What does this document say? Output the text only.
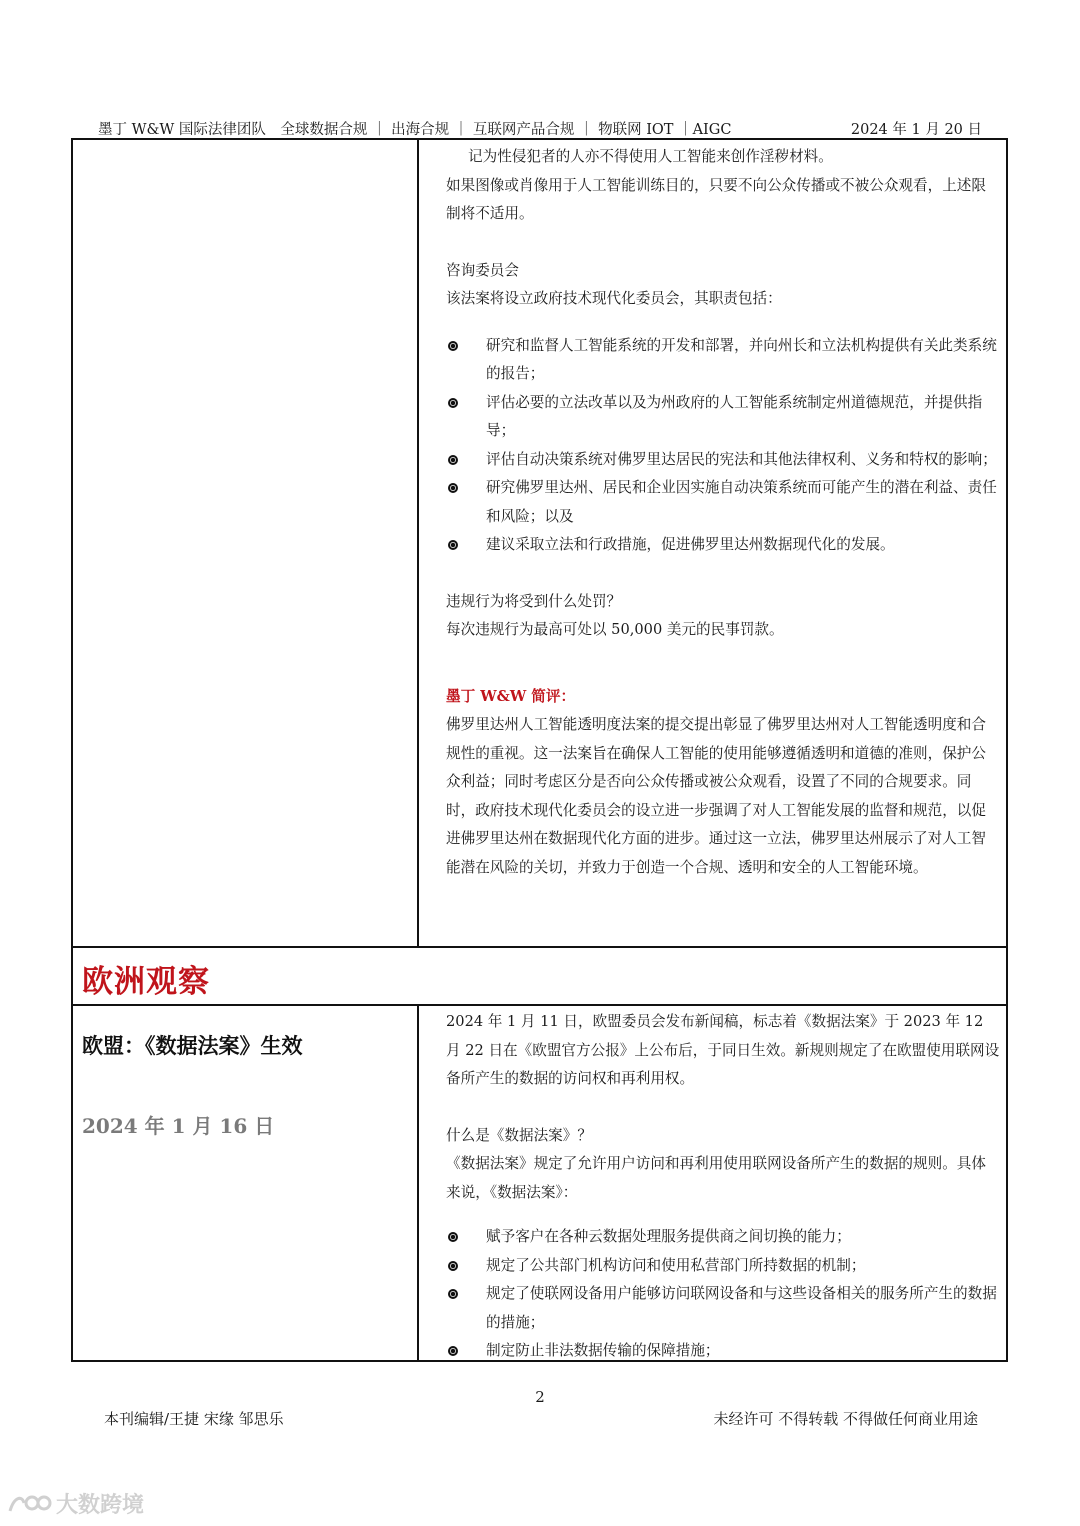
墨丁 W&W 国际法律团队　全球数据合规 ｜ 出海合规 ｜ 互联网产品合规 ｜ 物联网 IOT ｜AIGC	2024 年 1 月 20 日

记为性侵犯者的人亦不得使用人工智能来创作淫秽材料。

如果图像或肖像用于人工智能训练目的，只要不向公众传播或不被公众观看，上述限制将不适用。

咨询委员会

该法案将设立政府技术现代化委员会，其职责包括：

研究和监督人工智能系统的开发和部署，并向州长和立法机构提供有关此类系统的报告；
评估必要的立法改革以及为州政府的人工智能系统制定州道德规范，并提供指导；
评估自动决策系统对佛罗里达居民的宪法和其他法律权利、义务和特权的影响；
研究佛罗里达州、居民和企业因实施自动决策系统而可能产生的潜在利益、责任和风险；以及
建议采取立法和行政措施，促进佛罗里达州数据现代化的发展。

违规行为将受到什么处罚？

每次违规行为最高可处以 50,000 美元的民事罚款。

墨丁 W&W 简评：

佛罗里达州人工智能透明度法案的提交提出彰显了佛罗里达州对人工智能透明度和合规性的重视。这一法案旨在确保人工智能的使用能够遵循透明和道德的准则，保护公众利益；同时考虑区分是否向公众传播或被公众观看，设置了不同的合规要求。同时，政府技术现代化委员会的设立进一步强调了对人工智能发展的监督和规范，以促进佛罗里达州在数据现代化方面的进步。通过这一立法，佛罗里达州展示了对人工智能潜在风险的关切，并致力于创造一个合规、透明和安全的人工智能环境。

欧洲观察
欧盟：《数据法案》生效
2024 年 1 月 16 日

2024 年 1 月 11 日，欧盟委员会发布新闻稿，标志着《数据法案》于 2023 年 12 月 22 日在《欧盟官方公报》上公布后，于同日生效。新规则规定了在欧盟使用联网设备所产生的数据的访问权和再利用权。

什么是《数据法案》？

《数据法案》规定了允许用户访问和再利用使用联网设备所产生的数据的规则。具体来说，《数据法案》：

赋予客户在各种云数据处理服务提供商之间切换的能力；
规定了公共部门机构访问和使用私营部门所持数据的机制；
规定了使联网设备用户能够访问联网设备和与这些设备相关的服务所产生的数据的措施；
制定防止非法数据传输的保障措施；
2
本刊编辑/王捷 宋缘 邹思乐	未经许可 不得转载 不得做任何商业用途
大数跨境
